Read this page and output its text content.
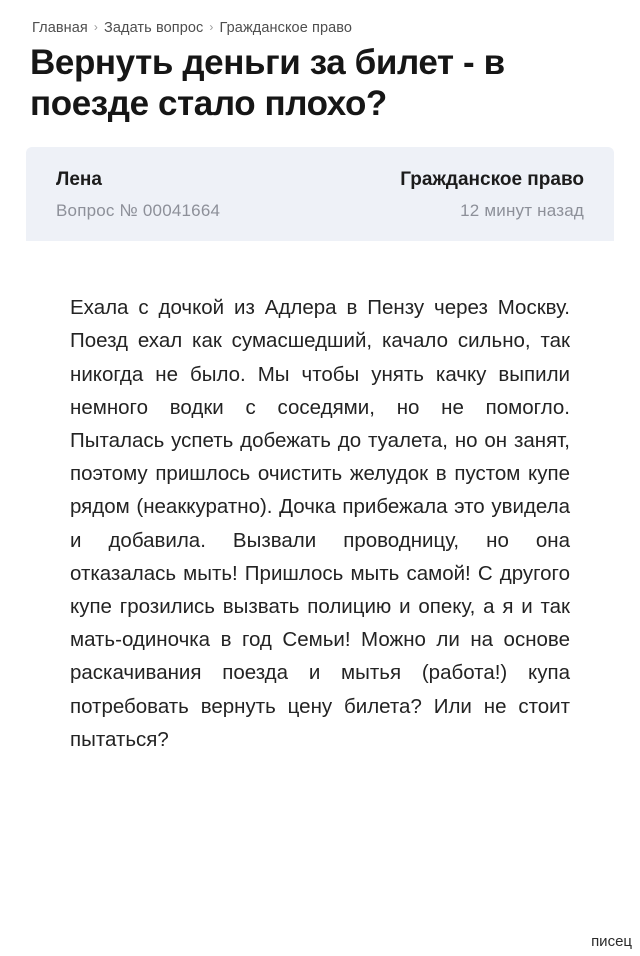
Главная › Задать вопрос › Гражданское право
Вернуть деньги за билет - в поезде стало плохо?
Лена
Вопрос № 00041664
Гражданское право
12 минут назад

Ехала с дочкой из Адлера в Пензу через Москву. Поезд ехал как сумасшедший, качало сильно, так никогда не было. Мы чтобы унять качку выпили немного водки с соседями, но не помогло. Пыталась успеть добежать до туалета, но он занят, поэтому пришлось очистить желудок в пустом купе рядом (неаккуратно). Дочка прибежала это увидела и добавила. Вызвали проводницу, но она отказалась мыть! Пришлось мыть самой! С другого купе грозились вызвать полицию и опеку, а я и так мать-одиночка в год Семьи! Можно ли на основе раскачивания поезда и мытья (работа!) купа потребовать вернуть цену билета? Или не стоит пытаться?

писец
